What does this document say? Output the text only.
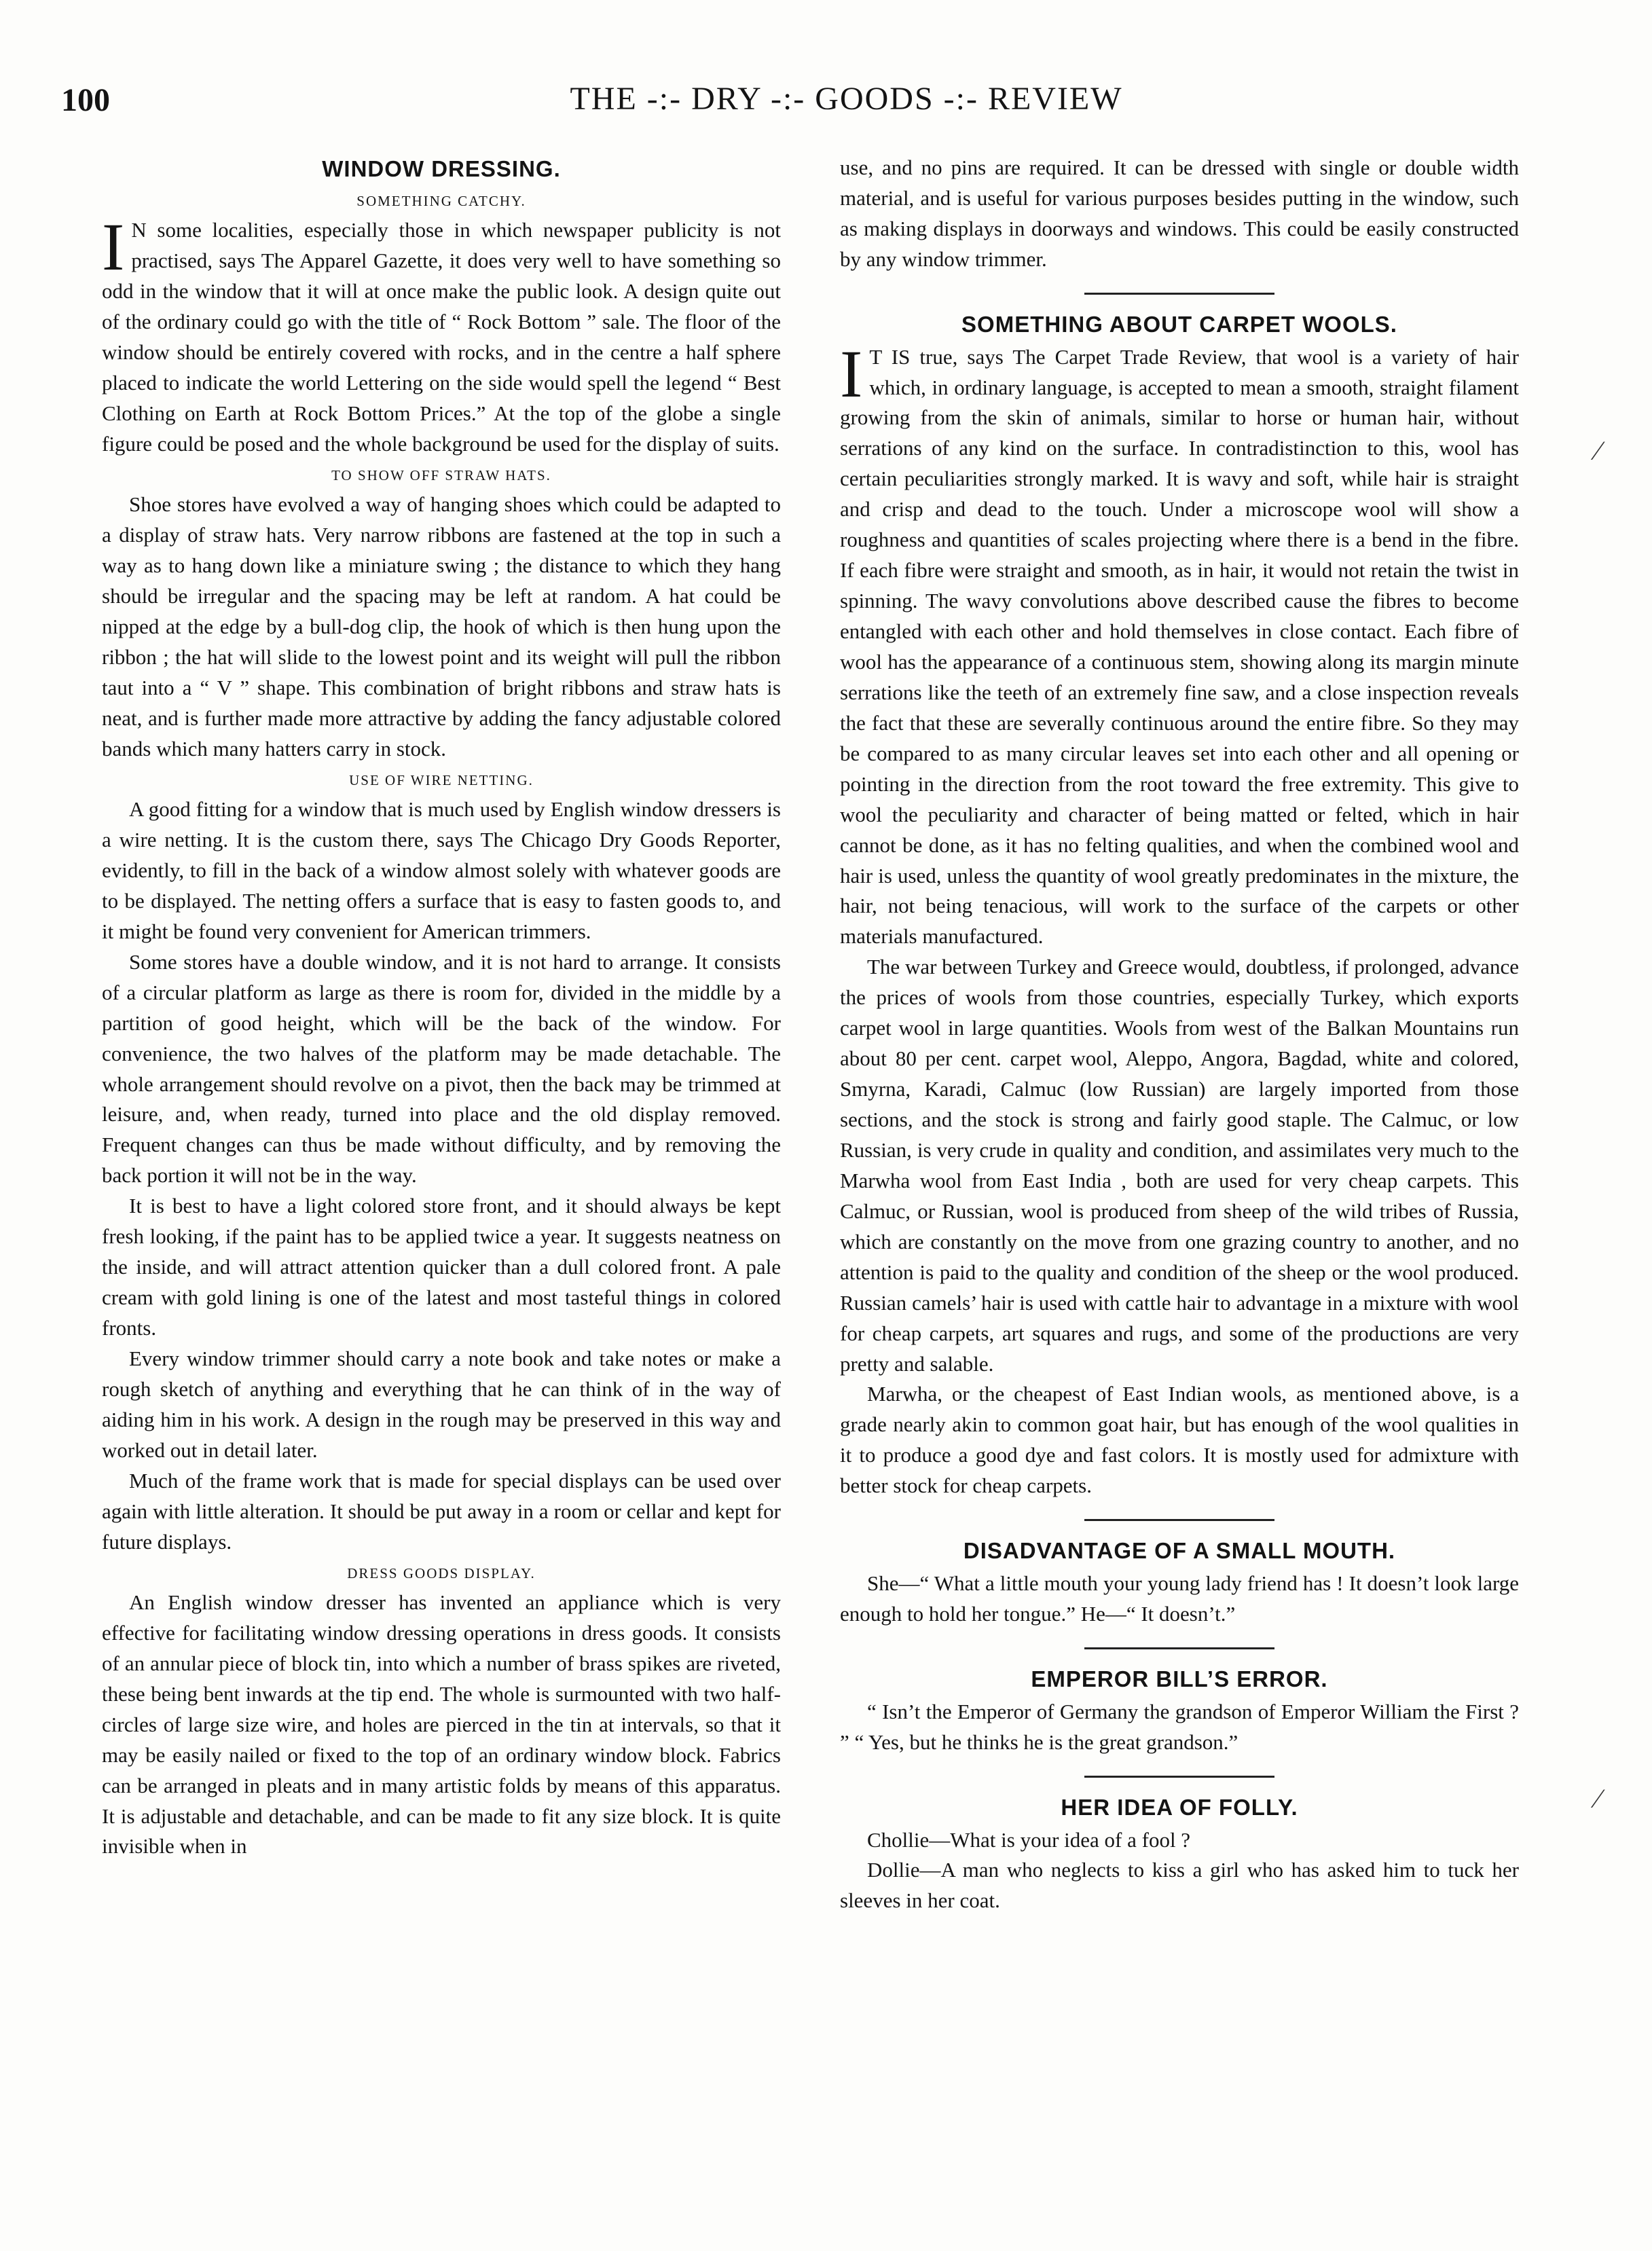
100	THE -:- DRY -:- GOODS -:- REVIEW
WINDOW DRESSING.
SOMETHING CATCHY.

I N some localities, especially those in which newspaper publicity is not practised, says The Apparel Gazette, it does very well to have something so odd in the window that it will at once make the public look. A design quite out of the ordinary could go with the title of “ Rock Bottom ” sale. The floor of the window should be entirely covered with rocks, and in the centre a half sphere placed to indicate the world Lettering on the side would spell the legend “ Best Clothing on Earth at Rock Bottom Prices.” At the top of the globe a single figure could be posed and the whole background be used for the display of suits.

TO SHOW OFF STRAW HATS.

Shoe stores have evolved a way of hanging shoes which could be adapted to a display of straw hats. Very narrow ribbons are fastened at the top in such a way as to hang down like a miniature swing ; the distance to which they hang should be irregular and the spacing may be left at random. A hat could be nipped at the edge by a bull-dog clip, the hook of which is then hung upon the ribbon ; the hat will slide to the lowest point and its weight will pull the ribbon taut into a “ V ” shape. This combination of bright ribbons and straw hats is neat, and is further made more attractive by adding the fancy adjustable colored bands which many hatters carry in stock.

USE OF WIRE NETTING.

A good fitting for a window that is much used by English window dressers is a wire netting. It is the custom there, says The Chicago Dry Goods Reporter, evidently, to fill in the back of a window almost solely with whatever goods are to be displayed. The netting offers a surface that is easy to fasten goods to, and it might be found very convenient for American trimmers.

Some stores have a double window, and it is not hard to arrange. It consists of a circular platform as large as there is room for, divided in the middle by a partition of good height, which will be the back of the window. For convenience, the two halves of the platform may be made detachable. The whole arrangement should revolve on a pivot, then the back may be trimmed at leisure, and, when ready, turned into place and the old display removed. Frequent changes can thus be made without difficulty, and by removing the back portion it will not be in the way.

It is best to have a light colored store front, and it should always be kept fresh looking, if the paint has to be applied twice a year. It suggests neatness on the inside, and will attract attention quicker than a dull colored front. A pale cream with gold lining is one of the latest and most tasteful things in colored fronts.

Every window trimmer should carry a note book and take notes or make a rough sketch of anything and everything that he can think of in the way of aiding him in his work. A design in the rough may be preserved in this way and worked out in detail later.

Much of the frame work that is made for special displays can be used over again with little alteration. It should be put away in a room or cellar and kept for future displays.

DRESS GOODS DISPLAY.

An English window dresser has invented an appliance which is very effective for facilitating window dressing operations in dress goods. It consists of an annular piece of block tin, into which a number of brass spikes are riveted, these being bent inwards at the tip end. The whole is surmounted with two half-circles of large size wire, and holes are pierced in the tin at intervals, so that it may be easily nailed or fixed to the top of an ordinary window block. Fabrics can be arranged in pleats and in many artistic folds by means of this apparatus. It is adjustable and detachable, and can be made to fit any size block. It is quite invisible when in

use, and no pins are required. It can be dressed with single or double width material, and is useful for various purposes besides putting in the window, such as making displays in doorways and windows. This could be easily constructed by any window trimmer.

SOMETHING ABOUT CARPET WOOLS.

I T IS true, says The Carpet Trade Review, that wool is a variety of hair which, in ordinary language, is accepted to mean a smooth, straight filament growing from the skin of animals, similar to horse or human hair, without serrations of any kind on the surface. In contradistinction to this, wool has certain peculiarities strongly marked. It is wavy and soft, while hair is straight and crisp and dead to the touch. Under a microscope wool will show a roughness and quantities of scales projecting where there is a bend in the fibre. If each fibre were straight and smooth, as in hair, it would not retain the twist in spinning. The wavy convolutions above described cause the fibres to become entangled with each other and hold themselves in close contact. Each fibre of wool has the appearance of a continuous stem, showing along its margin minute serrations like the teeth of an extremely fine saw, and a close inspection reveals the fact that these are severally continuous around the entire fibre. So they may be compared to as many circular leaves set into each other and all opening or pointing in the direction from the root toward the free extremity. This give to wool the peculiarity and character of being matted or felted, which in hair cannot be done, as it has no felting qualities, and when the combined wool and hair is used, unless the quantity of wool greatly predominates in the mixture, the hair, not being tenacious, will work to the surface of the carpets or other materials manufactured.

The war between Turkey and Greece would, doubtless, if prolonged, advance the prices of wools from those countries, especially Turkey, which exports carpet wool in large quantities. Wools from west of the Balkan Mountains run about 80 per cent. carpet wool, Aleppo, Angora, Bagdad, white and colored, Smyrna, Karadi, Calmuc (low Russian) are largely imported from those sections, and the stock is strong and fairly good staple. The Calmuc, or low Russian, is very crude in quality and condition, and assimilates very much to the Marwha wool from East India , both are used for very cheap carpets. This Calmuc, or Russian, wool is produced from sheep of the wild tribes of Russia, which are constantly on the move from one grazing country to another, and no attention is paid to the quality and condition of the sheep or the wool produced. Russian camels’ hair is used with cattle hair to advantage in a mixture with wool for cheap carpets, art squares and rugs, and some of the productions are very pretty and salable.

Marwha, or the cheapest of East Indian wools, as mentioned above, is a grade nearly akin to common goat hair, but has enough of the wool qualities in it to produce a good dye and fast colors. It is mostly used for admixture with better stock for cheap carpets.

DISADVANTAGE OF A SMALL MOUTH.

She—“ What a little mouth your young lady friend has ! It doesn’t look large enough to hold her tongue.” He—“ It doesn’t.”

EMPEROR BILL’S ERROR.

“ Isn’t the Emperor of Germany the grandson of Emperor William the First ? ” “ Yes, but he thinks he is the great grandson.”

HER IDEA OF FOLLY.

Chollie—What is your idea of a fool ?

Dollie—A man who neglects to kiss a girl who has asked him to tuck her sleeves in her coat.

⁄
⁄
